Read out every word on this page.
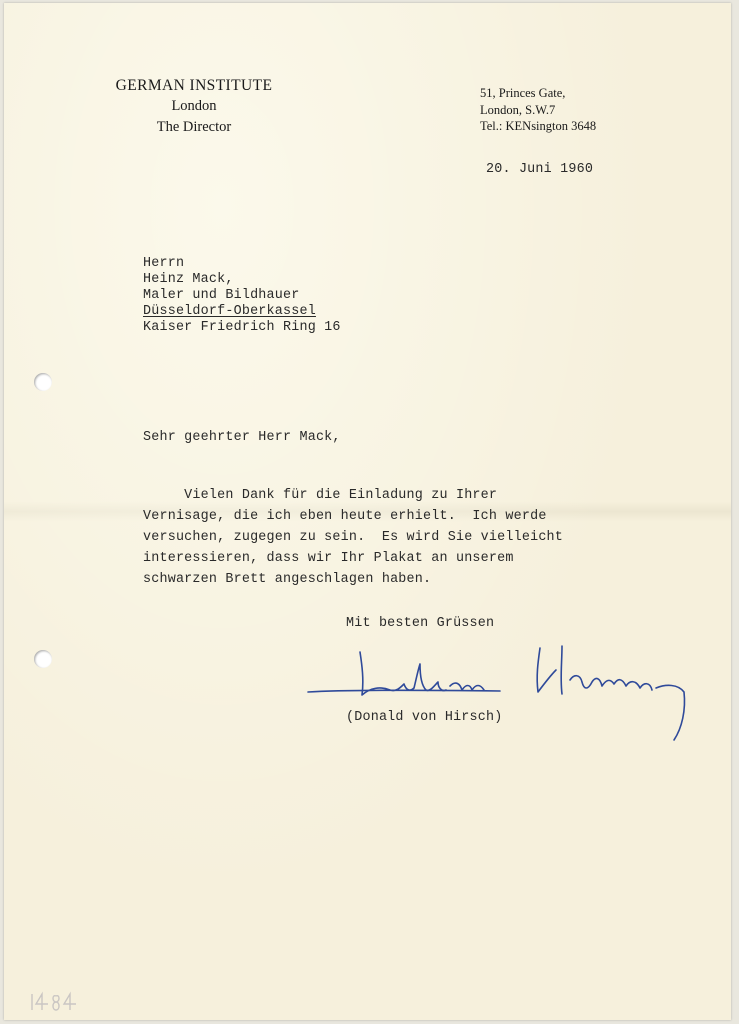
GERMAN INSTITUTE
London
The Director
51, Princes Gate,
London, S.W.7
Tel.: KENsington 3648
20. Juni 1960
Herrn
Heinz Mack,
Maler und Bildhauer
Düsseldorf-Oberkassel
Kaiser Friedrich Ring 16
Sehr geehrter Herr Mack,
Vielen Dank für die Einladung zu Ihrer
Vernisage, die ich eben heute erhielt.  Ich werde
versuchen, zugegen zu sein.  Es wird Sie vielleicht
interessieren, dass wir Ihr Plakat an unserem
schwarzen Brett angeschlagen haben.
Mit besten Grüssen
(Donald von Hirsch)
